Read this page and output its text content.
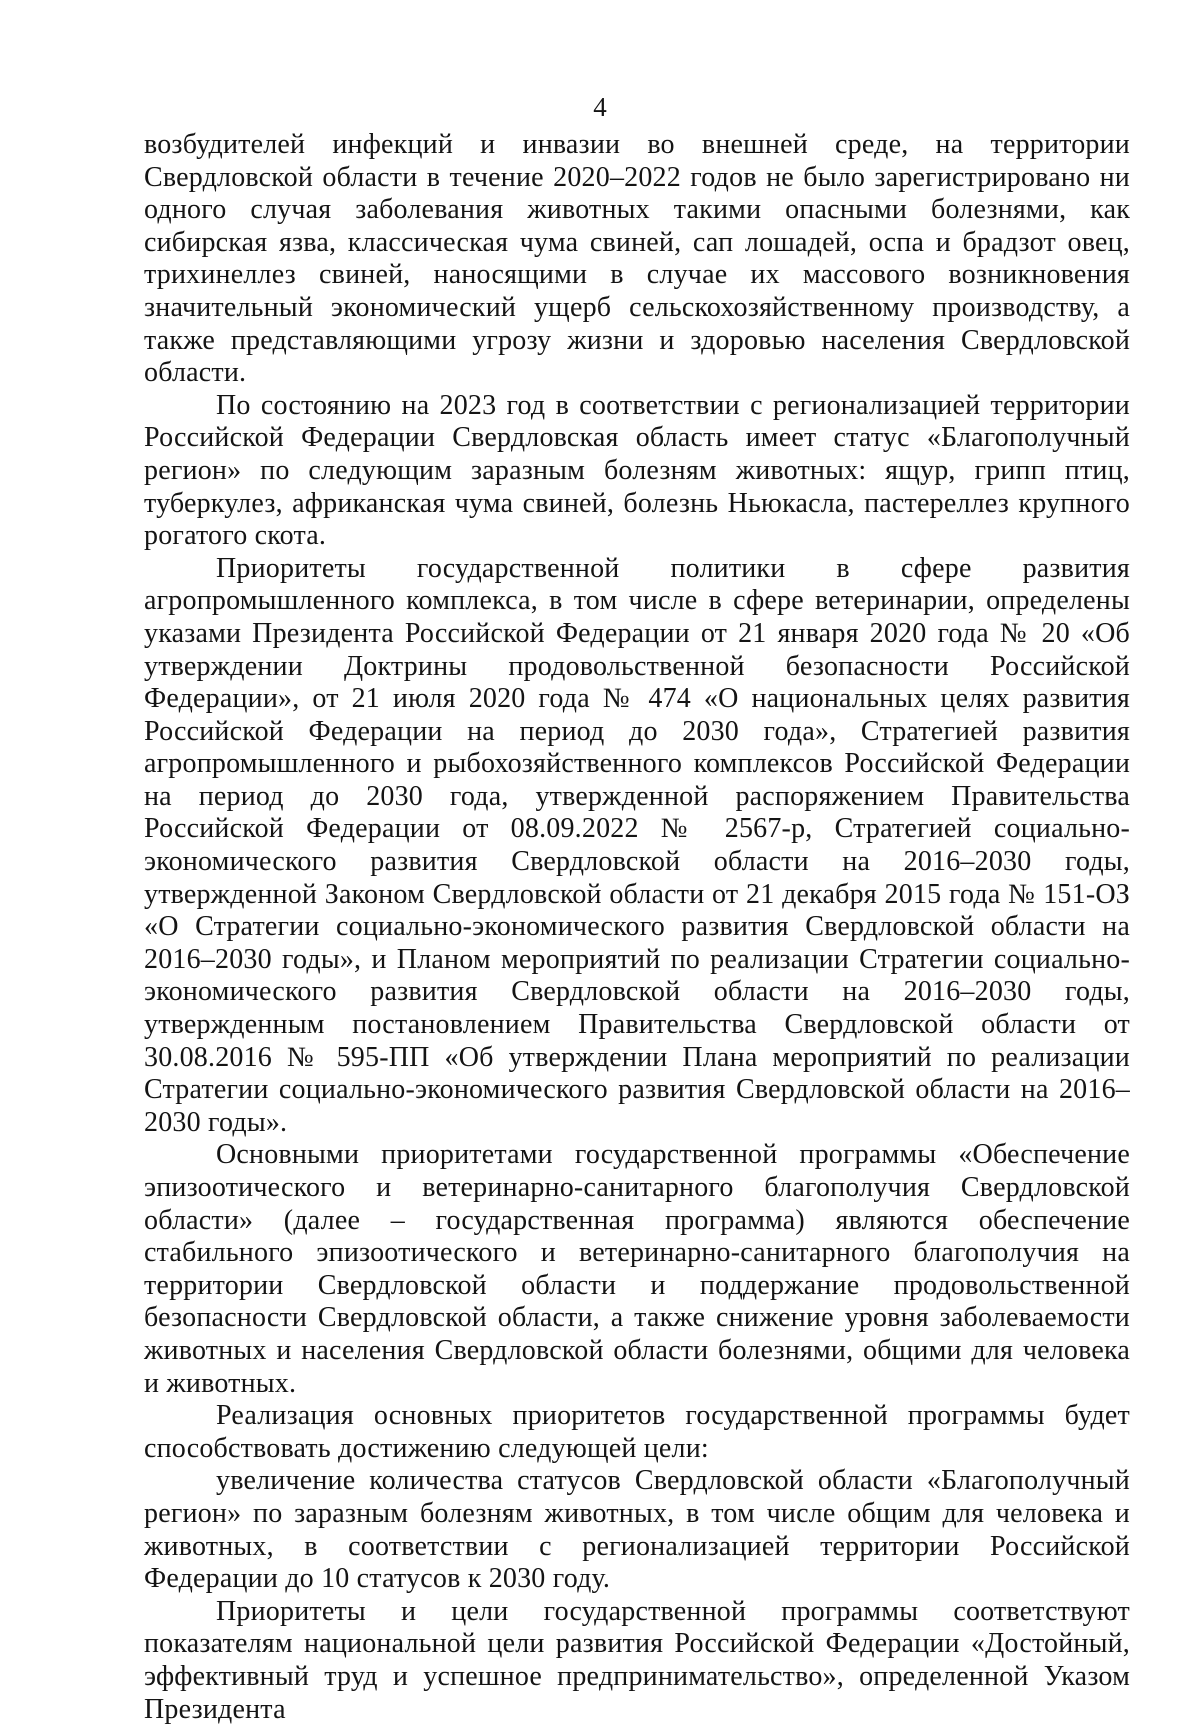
4

возбудителей инфекций и инвазии во внешней среде, на территории Свердловской области в течение 2020–2022 годов не было зарегистрировано ни одного случая заболевания животных такими опасными болезнями, как сибирская язва, классическая чума свиней, сап лошадей, оспа и брадзот овец, трихинеллез свиней, наносящими в случае их массового возникновения значительный экономический ущерб сельскохозяйственному производству, а также представляющими угрозу жизни и здоровью населения Свердловской области.

По состоянию на 2023 год в соответствии с регионализацией территории Российской Федерации Свердловская область имеет статус «Благополучный регион» по следующим заразным болезням животных: ящур, грипп птиц, туберкулез, африканская чума свиней, болезнь Ньюкасла, пастереллез крупного рогатого скота.

Приоритеты государственной политики в сфере развития агропромышленного комплекса, в том числе в сфере ветеринарии, определены указами Президента Российской Федерации от 21 января 2020 года № 20 «Об утверждении Доктрины продовольственной безопасности Российской Федерации», от 21 июля 2020 года № 474 «О национальных целях развития Российской Федерации на период до 2030 года», Стратегией развития агропромышленного и рыбохозяйственного комплексов Российской Федерации на период до 2030 года, утвержденной распоряжением Правительства Российской Федерации от 08.09.2022 № 2567-р, Стратегией социально-экономического развития Свердловской области на 2016–2030 годы, утвержденной Законом Свердловской области от 21 декабря 2015 года № 151-ОЗ «О Стратегии социально-экономического развития Свердловской области на 2016–2030 годы», и Планом мероприятий по реализации Стратегии социально-экономического развития Свердловской области на 2016–2030 годы, утвержденным постановлением Правительства Свердловской области от 30.08.2016 № 595-ПП «Об утверждении Плана мероприятий по реализации Стратегии социально-экономического развития Свердловской области на 2016–2030 годы».

Основными приоритетами государственной программы «Обеспечение эпизоотического и ветеринарно-санитарного благополучия Свердловской области» (далее – государственная программа) являются обеспечение стабильного эпизоотического и ветеринарно-санитарного благополучия на территории Свердловской области и поддержание продовольственной безопасности Свердловской области, а также снижение уровня заболеваемости животных и населения Свердловской области болезнями, общими для человека и животных.

Реализация основных приоритетов государственной программы будет способствовать достижению следующей цели:

увеличение количества статусов Свердловской области «Благополучный регион» по заразным болезням животных, в том числе общим для человека и животных, в соответствии с регионализацией территории Российской Федерации до 10 статусов к 2030 году.

Приоритеты и цели государственной программы соответствуют показателям национальной цели развития Российской Федерации «Достойный, эффективный труд и успешное предпринимательство», определенной Указом Президента
